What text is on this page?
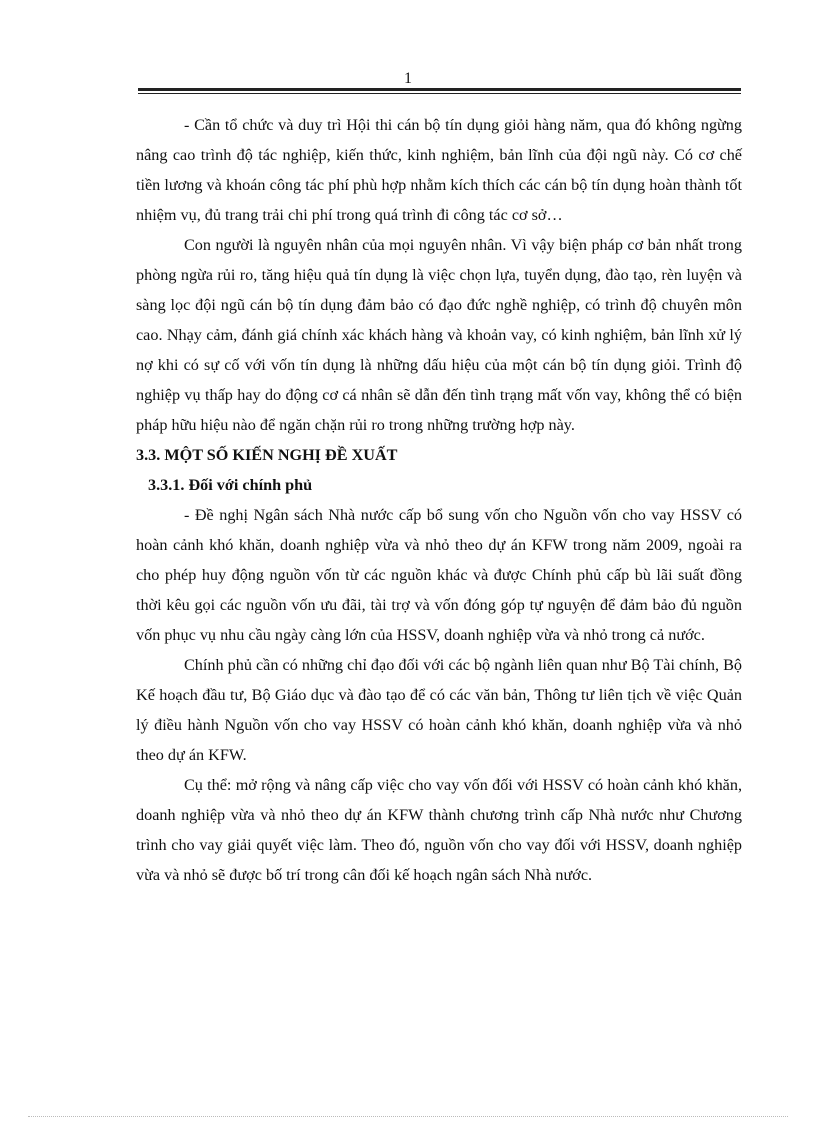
1

- Cần tổ chức và duy trì Hội thi cán bộ tín dụng giỏi hàng năm, qua đó không ngừng nâng cao trình độ tác nghiệp, kiến thức, kinh nghiệm, bản lĩnh của đội ngũ này. Có cơ chế tiền lương và khoán công tác phí phù hợp nhằm kích thích các cán bộ tín dụng hoàn thành tốt nhiệm vụ, đủ trang trải chi phí trong quá trình đi công tác cơ sở…

Con người là nguyên nhân của mọi nguyên nhân. Vì vậy biện pháp cơ bản nhất trong phòng ngừa rủi ro, tăng hiệu quả tín dụng là việc chọn lựa, tuyển dụng, đào tạo, rèn luyện và sàng lọc đội ngũ cán bộ tín dụng đảm bảo có đạo đức nghề nghiệp, có trình độ chuyên môn cao. Nhạy cảm, đánh giá chính xác khách hàng và khoản vay, có kinh nghiệm, bản lĩnh xử lý nợ khi có sự cố với vốn tín dụng là những dấu hiệu của một cán bộ tín dụng giỏi. Trình độ nghiệp vụ thấp hay do động cơ cá nhân sẽ dẫn đến tình trạng mất vốn vay, không thể có biện pháp hữu hiệu nào để ngăn chặn rủi ro trong những trường hợp này.

3.3. MỘT SỐ KIẾN NGHỊ ĐỀ XUẤT
3.3.1. Đối với chính phủ

- Đề nghị Ngân sách Nhà nước cấp bổ sung vốn cho Nguồn vốn cho vay HSSV có hoàn cảnh khó khăn, doanh nghiệp vừa và nhỏ theo dự án KFW trong năm 2009, ngoài ra cho phép huy động nguồn vốn từ các nguồn khác và được Chính phủ cấp bù lãi suất đồng thời kêu gọi các nguồn vốn ưu đãi, tài trợ và vốn đóng góp tự nguyện để đảm bảo đủ nguồn vốn phục vụ nhu cầu ngày càng lớn của HSSV, doanh nghiệp vừa và nhỏ trong cả nước.

Chính phủ cần có những chỉ đạo đối với các bộ ngành liên quan như Bộ Tài chính, Bộ Kế hoạch đầu tư, Bộ Giáo dục và đào tạo để có các văn bản, Thông tư liên tịch về việc Quản lý điều hành Nguồn vốn cho vay HSSV có hoàn cảnh khó khăn, doanh nghiệp vừa và nhỏ theo dự án KFW.

Cụ thể: mở rộng và nâng cấp việc cho vay vốn đối với HSSV có hoàn cảnh khó khăn, doanh nghiệp vừa và nhỏ theo dự án KFW thành chương trình cấp Nhà nước như Chương trình cho vay giải quyết việc làm. Theo đó, nguồn vốn cho vay đối với HSSV, doanh nghiệp vừa và nhỏ sẽ được bố trí trong cân đối kế hoạch ngân sách Nhà nước.
